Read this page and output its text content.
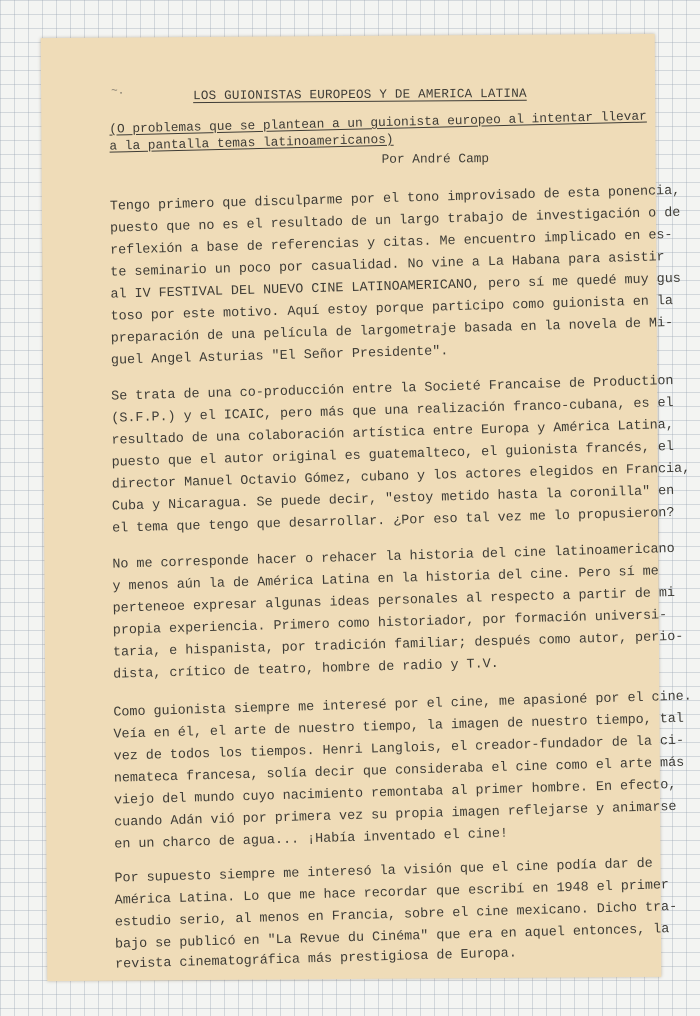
~.	LOS GUIONISTAS EUROPEOS Y DE AMERICA LATINA
(O problemas que se plantean a un guionista europeo al intentar llevar
a la pantalla temas latinoamericanos)
Por André Camp
Tengo primero que disculparme por el tono improvisado de esta ponencia,
puesto que no es el resultado de un largo trabajo de investigación o de
reflexión a base de referencias y citas. Me encuentro implicado en es-
te seminario un poco por casualidad. No vine a La Habana para asistir
al IV FESTIVAL DEL NUEVO CINE LATINOAMERICANO, pero sí me quedé muy gus
toso por este motivo. Aquí estoy porque participo como guionista en la
preparación de una película de largometraje basada en la novela de Mi-
guel Angel Asturias "El Señor Presidente".
Se trata de una co-producción entre la Societé Francaise de Production
(S.F.P.) y el ICAIC, pero más que una realización franco-cubana, es el
resultado de una colaboración artística entre Europa y América Latina,
puesto que el autor original es guatemalteco, el guionista francés, el
director Manuel Octavio Gómez, cubano y los actores elegidos en Francia,
Cuba y Nicaragua. Se puede decir, "estoy metido hasta la coronilla" en
el tema que tengo que desarrollar. ¿Por eso tal vez me lo propusieron?
No me corresponde hacer o rehacer la historia del cine latinoamericano
y menos aún la de América Latina en la historia del cine. Pero sí me
perteneoe expresar algunas ideas personales al respecto a partir de mi
propia experiencia. Primero como historiador, por formación universi-
taria, e hispanista, por tradición familiar; después como autor, perio-
dista, crítico de teatro, hombre de radio y T.V.
Como guionista siempre me interesé por el cine, me apasioné por el cine.
Veía en él, el arte de nuestro tiempo, la imagen de nuestro tiempo, tal
vez de todos los tiempos. Henri Langlois, el creador-fundador de la ci-
nemateca francesa, solía decir que consideraba el cine como el arte más
viejo del mundo cuyo nacimiento remontaba al primer hombre. En efecto,
cuando Adán vió por primera vez su propia imagen reflejarse y animarse
en un charco de agua... ¡Había inventado el cine!
Por supuesto siempre me interesó la visión que el cine podía dar de
América Latina. Lo que me hace recordar que escribí en 1948 el primer
estudio serio, al menos en Francia, sobre el cine mexicano. Dicho tra-
bajo se publicó en "La Revue du Cinéma" que era en aquel entonces, la
revista cinematográfica más prestigiosa de Europa.
